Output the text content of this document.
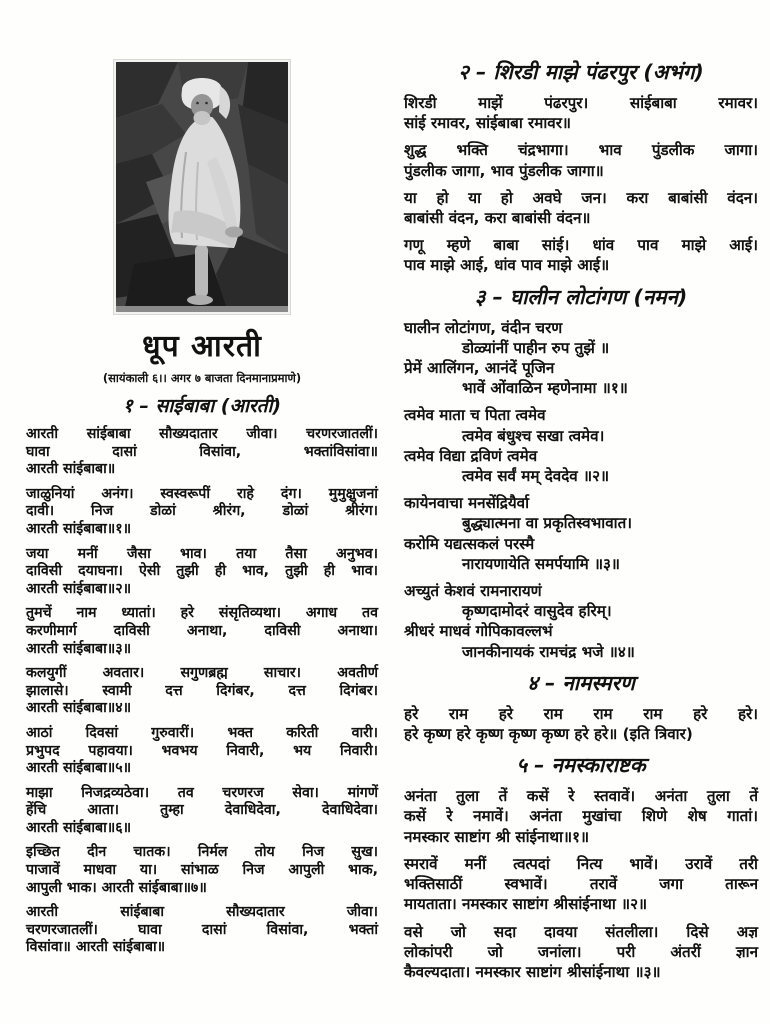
धूप आरती
(सायंकाली ६।। अगर ७ बाजता दिनमानाप्रमाणे)
१ – साईबाबा (आरती)
आरती सांईबाबा सौख्यदातार जीवा। चरणरजातलीं।
घावा दासां विसांवा, भक्तांविसांवा॥
आरती सांईबाबा॥
जाळुनियां अनंग। स्वस्वरूपीं राहे दंग। मुमुक्षुजनां
दावी। निज डोळां श्रीरंग, डोळां श्रीरंग।
आरती सांईबाबा॥१॥
जया मनीं जैसा भाव। तया तैसा अनुभव।
दाविसी दयाघना। ऐसी तुझी ही भाव, तुझी ही भाव।
आरती सांईबाबा॥२॥
तुमचें नाम ध्यातां। हरे संसृतिव्यथा। अगाध तव
करणीमार्ग दाविसी अनाथा, दाविसी अनाथा।
आरती सांईबाबा॥३॥
कलयुगीं अवतार। सगुणब्रह्म साचार। अवतीर्ण
झालासे। स्वामी दत्त दिगंबर, दत्त दिगंबर।
आरती सांईबाबा॥४॥
आठां दिवसां गुरुवारीं। भक्त करिती वारी।
प्रभुपद पहावया। भवभय निवारी, भय निवारी।
आरती सांईबाबा॥५॥
माझा निजद्रव्यठेवा। तव चरणरज सेवा। मांगणें
हेंचि आता। तुम्हा देवाधिदेवा, देवाधिदेवा।
आरती सांईबाबा॥६॥
इच्छित दीन चातक। निर्मल तोय निज सुख।
पाजावें माधवा या। सांभाळ निज आपुली भाक,
आपुली भाक। आरती सांईबाबा॥७॥
आरती सांईबाबा सौख्यदातार जीवा।
चरणरजातलीं। घावा दासां विसांवा, भक्तां
विसांवा॥ आरती सांईबाबा॥
२ – शिरडी माझे पंढरपुर (अभंग)
शिरडी माझें पंढरपुर। सांईबाबा रमावर।
सांई रमावर, सांईबाबा रमावर॥
शुद्ध भक्ति चंद्रभागा। भाव पुंडलीक जागा।
पुंडलीक जागा, भाव पुंडलीक जागा॥
या हो या हो अवघे जन। करा बाबांसी वंदन।
बाबांसी वंदन, करा बाबांसी वंदन॥
गणू म्हणे बाबा सांई। धांव पाव माझे आई।
पाव माझे आई, धांव पाव माझे आई॥
३ – घालीन लोटांगण (नमन)
घालीन लोटांगण, वंदीन चरण
डोळ्यांनीं पाहीन रुप तुझें ॥
प्रेमें आलिंगन, आनंदें पूजिन
भावें ओंवाळिन म्हणेनामा ॥१॥
त्वमेव माता च पिता त्वमेव
त्वमेव बंधुश्च सखा त्वमेव।
त्वमेव विद्या द्रविणं त्वमेव
त्वमेव सर्वं मम् देवदेव ॥२॥
कायेनवाचा मनसेंद्रियैर्वा
बुद्ध्यात्मना वा प्रकृतिस्वभावात।
करोमि यद्यत्सकलं परस्मै
नारायणायेति समर्पयामि ॥३॥
अच्युतं केशवं रामनारायणं
कृष्णदामोदरं वासुदेव हरिम्।
श्रीधरं माधवं गोपिकावल्लभं
जानकीनायकं रामचंद्र भजे ॥४॥
४ – नामस्मरण
हरे राम हरे राम राम राम हरे हरे।
हरे कृष्ण हरे कृष्ण कृष्ण कृष्ण हरे हरे॥ (इति त्रिवार)
५ – नमस्काराष्टक
अनंता तुला तें कसें रे स्तवावें। अनंता तुला तें
कसें रे नमावें। अनंता मुखांचा शिणे शेष गातां।
नमस्कार साष्टांग श्री सांईनाथा॥१॥
स्मरावें मनीं त्वत्पदां नित्य भावें। उरावें तरी
भक्तिसाठीं स्वभावें। तरावें जगा तारून
मायताता। नमस्कार साष्टांग श्रीसांईनाथा ॥२॥
वसे जो सदा दावया संतलीला। दिसे अज्ञ
लोकांपरी जो जनांला। परी अंतरीं ज्ञान
कैवल्यदाता। नमस्कार साष्टांग श्रीसांईनाथा ॥३॥
